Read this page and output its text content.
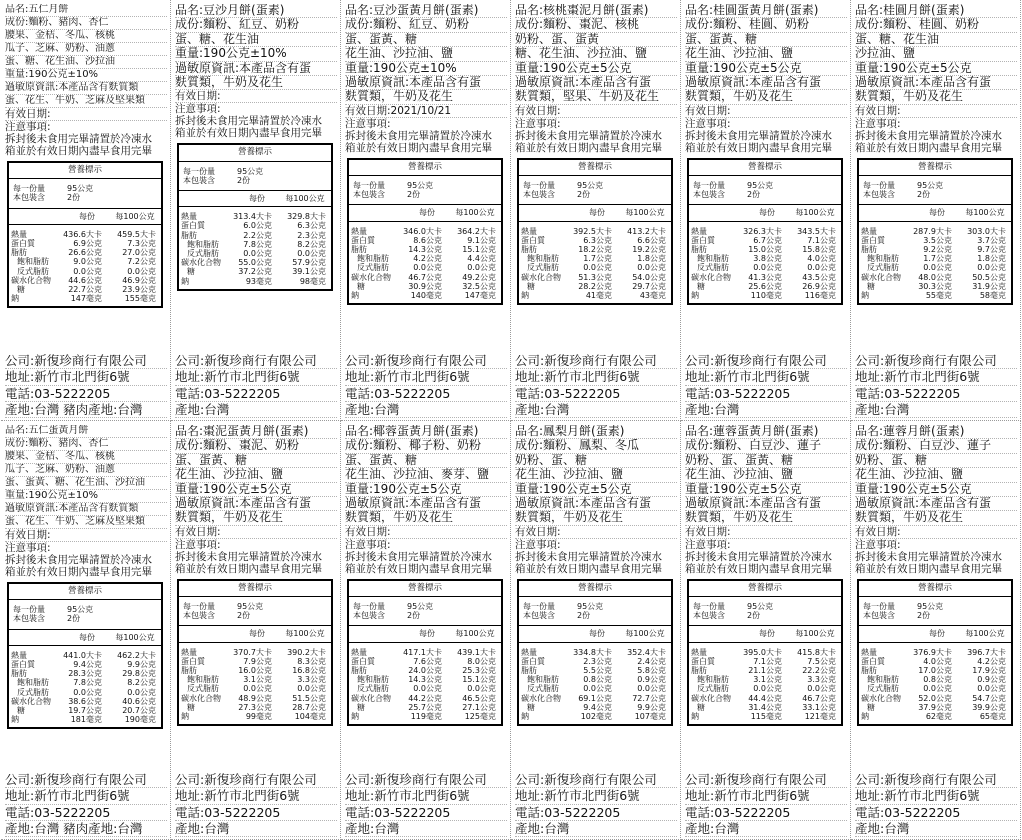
品名:五仁月餅
成份:麵粉、豬肉、杏仁
腰果、金桔、冬瓜、核桃
瓜子、芝麻、奶粉、油蔥
蛋、糖、花生油、沙拉油
重量:190公克±10%
過敏原資訊:本產品含有麩質類
蛋、花生、牛奶、芝麻及堅果類
有效日期:
注意事項:
拆封後未食用完畢請置於冷凍水
箱並於有效日期內盡早食用完畢
營養標示
每一份量
本包裝含
95公克
2份
每份	每100公克
熱量	436.6大卡	459.5大卡
蛋白質	6.9公克	7.3公克
脂肪	26.6公克	27.0公克
飽和脂肪	9.0公克	7.2公克
反式脂肪	0.0公克	0.0公克
碳水化合物	44.6公克	46.9公克
糖	22.7公克	23.9公克
鈉	147毫克	155毫克
公司:新復珍商行有限公司
地址:新竹市北門街6號
電話:03-5222205
產地:台灣 豬肉產地:台灣
品名:豆沙月餅(蛋素)
成份:麵粉、紅豆、奶粉
蛋、糖、花生油
重量:190公克±10%
過敏原資訊:本產品含有蛋
麩質類，牛奶及花生
有效日期:
注意事項:
拆封後未食用完畢請置於冷凍水
箱並於有效日期內盡早食用完畢
營養標示
每一份量
本包裝含
95公克
2份
每份	每100公克
熱量	313.4大卡	329.8大卡
蛋白質	6.0公克	6.3公克
脂肪	2.2公克	2.3公克
飽和脂肪	7.8公克	8.2公克
反式脂肪	0.0公克	0.0公克
碳水化合物	55.0公克	57.9公克
糖	37.2公克	39.1公克
鈉	93毫克	98毫克
公司:新復珍商行有限公司
地址:新竹市北門街6號
電話:03-5222205
產地:台灣
品名:豆沙蛋黃月餅(蛋素)
成份:麵粉、紅豆、奶粉
蛋、蛋黃、糖
花生油、沙拉油、鹽
重量:190公克±10%
過敏原資訊:本產品含有蛋
麩質類，牛奶及花生
有效日期:2021/10/21
注意事項:
拆封後未食用完畢請置於冷凍水
箱並於有效日期內盡早食用完畢
營養標示
每一份量
本包裝含
95公克
2份
每份	每100公克
熱量	346.0大卡	364.2大卡
蛋白質	8.6公克	9.1公克
脂肪	14.3公克	15.1公克
飽和脂肪	4.2公克	4.4公克
反式脂肪	0.0公克	0.0公克
碳水化合物	46.7公克	49.2公克
糖	30.9公克	32.5公克
鈉	140毫克	147毫克
公司:新復珍商行有限公司
地址:新竹市北門街6號
電話:03-5222205
產地:台灣
品名:核桃棗泥月餅(蛋素)
成份:麵粉、棗泥、核桃
奶粉、蛋、蛋黃
糖、花生油、沙拉油、鹽
重量:190公克±5公克
過敏原資訊:本產品含有蛋
麩質類，堅果、牛奶及花生
有效日期:
注意事項:
拆封後未食用完畢請置於冷凍水
箱並於有效日期內盡早食用完畢
營養標示
每一份量
本包裝含
95公克
2份
每份	每100公克
熱量	392.5大卡	413.2大卡
蛋白質	6.3公克	6.6公克
脂肪	18.2公克	19.2公克
飽和脂肪	1.7公克	1.8公克
反式脂肪	0.0公克	0.0公克
碳水化合物	51.3公克	54.0公克
糖	28.2公克	29.7公克
鈉	41毫克	43毫克
公司:新復珍商行有限公司
地址:新竹市北門街6號
電話:03-5222205
產地:台灣
品名:桂圓蛋黃月餅(蛋素)
成份:麵粉、桂圓、奶粉
蛋、蛋黃、糖
花生油、沙拉油、鹽
重量:190公克±5公克
過敏原資訊:本產品含有蛋
麩質類，牛奶及花生
有效日期:
注意事項:
拆封後未食用完畢請置於冷凍水
箱並於有效日期內盡早食用完畢
營養標示
每一份量
本包裝含
95公克
2份
每份	每100公克
熱量	326.3大卡	343.5大卡
蛋白質	6.7公克	7.1公克
脂肪	15.0公克	15.8公克
飽和脂肪	3.8公克	4.0公克
反式脂肪	0.0公克	0.0公克
碳水化合物	41.3公克	43.5公克
糖	25.6公克	26.9公克
鈉	110毫克	116毫克
公司:新復珍商行有限公司
地址:新竹市北門街6號
電話:03-5222205
產地:台灣
品名:桂圓月餅(蛋素)
成份:麵粉、桂圓、奶粉
蛋、糖、花生油
沙拉油、鹽
重量:190公克±5公克
過敏原資訊:本產品含有蛋
麩質類，牛奶及花生
有效日期:
注意事項:
拆封後未食用完畢請置於冷凍水
箱並於有效日期內盡早食用完畢
營養標示
每一份量
本包裝含
95公克
2份
每份	每100公克
熱量	287.9大卡	303.0大卡
蛋白質	3.5公克	3.7公克
脂肪	9.2公克	9.7公克
飽和脂肪	1.7公克	1.8公克
反式脂肪	0.0公克	0.0公克
碳水化合物	48.0公克	50.5公克
糖	30.3公克	31.9公克
鈉	55毫克	58毫克
公司:新復珍商行有限公司
地址:新竹市北門街6號
電話:03-5222205
產地:台灣
品名:五仁蛋黃月餅
成份:麵粉、豬肉、杏仁
腰果、金桔、冬瓜、核桃
瓜子、芝麻、奶粉、油蔥
蛋、蛋黃、糖、花生油、沙拉油
重量:190公克±10%
過敏原資訊:本產品含有麩質類
蛋、花生、牛奶、芝麻及堅果類
有效日期:
注意事項:
拆封後未食用完畢請置於冷凍水
箱並於有效日期內盡早食用完畢
營養標示
每一份量
本包裝含
95公克
2份
每份	每100公克
熱量	441.0大卡	462.2大卡
蛋白質	9.4公克	9.9公克
脂肪	28.3公克	29.8公克
飽和脂肪	7.8公克	8.2公克
反式脂肪	0.0公克	0.0公克
碳水化合物	38.6公克	40.6公克
糖	19.7公克	20.7公克
鈉	181毫克	190毫克
公司:新復珍商行有限公司
地址:新竹市北門街6號
電話:03-5222205
產地:台灣 豬肉產地:台灣
品名:棗泥蛋黃月餅(蛋素)
成份:麵粉、棗泥、奶粉
蛋、蛋黃、糖
花生油、沙拉油、鹽
重量:190公克±5公克
過敏原資訊:本產品含有蛋
麩質類，牛奶及花生
有效日期:
注意事項:
拆封後未食用完畢請置於冷凍水
箱並於有效日期內盡早食用完畢
營養標示
每一份量
本包裝含
95公克
2份
每份	每100公克
熱量	370.7大卡	390.2大卡
蛋白質	7.9公克	8.3公克
脂肪	16.0公克	16.8公克
飽和脂肪	3.1公克	3.3公克
反式脂肪	0.0公克	0.0公克
碳水化合物	48.9公克	51.5公克
糖	27.3公克	28.7公克
鈉	99毫克	104毫克
公司:新復珍商行有限公司
地址:新竹市北門街6號
電話:03-5222205
產地:台灣
品名:椰蓉蛋黃月餅(蛋素)
成份:麵粉、椰子粉、奶粉
蛋、蛋黃、糖
花生油、沙拉油、麥芽、鹽
重量:190公克±5公克
過敏原資訊:本產品含有蛋
麩質類，牛奶及花生
有效日期:
注意事項:
拆封後未食用完畢請置於冷凍水
箱並於有效日期內盡早食用完畢
營養標示
每一份量
本包裝含
95公克
2份
每份	每100公克
熱量	417.1大卡	439.1大卡
蛋白質	7.6公克	8.0公克
脂肪	24.0公克	25.3公克
飽和脂肪	14.3公克	15.1公克
反式脂肪	0.0公克	0.0公克
碳水化合物	44.2公克	46.5公克
糖	25.7公克	27.1公克
鈉	119毫克	125毫克
公司:新復珍商行有限公司
地址:新竹市北門街6號
電話:03-5222205
產地:台灣
品名:鳳梨月餅(蛋素)
成份:麵粉、鳳梨、冬瓜
奶粉、蛋、糖
花生油、沙拉油、鹽
重量:190公克±5公克
過敏原資訊:本產品含有蛋
麩質類，牛奶及花生
有效日期:
注意事項:
拆封後未食用完畢請置於冷凍水
箱並於有效日期內盡早食用完畢
營養標示
每一份量
本包裝含
95公克
2份
每份	每100公克
熱量	334.8大卡	352.4大卡
蛋白質	2.3公克	2.4公克
脂肪	5.5公克	5.8公克
飽和脂肪	0.8公克	0.9公克
反式脂肪	0.0公克	0.0公克
碳水化合物	69.1公克	72.7公克
糖	9.4公克	9.9公克
鈉	102毫克	107毫克
公司:新復珍商行有限公司
地址:新竹市北門街6號
電話:03-5222205
產地:台灣
品名:蓮蓉蛋黃月餅(蛋素)
成份:麵粉、白豆沙、蓮子
奶粉、蛋、蛋黃、糖
花生油、沙拉油、鹽
重量:190公克±5公克
過敏原資訊:本產品含有蛋
麩質類，牛奶及花生
有效日期:
注意事項:
拆封後未食用完畢請置於冷凍水
箱並於有效日期內盡早食用完畢
營養標示
每一份量
本包裝含
95公克
2份
每份	每100公克
熱量	395.0大卡	415.8大卡
蛋白質	7.1公克	7.5公克
脂肪	21.1公克	22.2公克
飽和脂肪	3.1公克	3.3公克
反式脂肪	0.0公克	0.0公克
碳水化合物	44.4公克	46.7公克
糖	31.4公克	33.1公克
鈉	115毫克	121毫克
公司:新復珍商行有限公司
地址:新竹市北門街6號
電話:03-5222205
產地:台灣
品名:蓮蓉月餅(蛋素)
成份:麵粉、白豆沙、蓮子
奶粉、蛋、糖
花生油、沙拉油、鹽
重量:190公克±5公克
過敏原資訊:本產品含有蛋
麩質類，牛奶及花生
有效日期:
注意事項:
拆封後未食用完畢請置於冷凍水
箱並於有效日期內盡早食用完畢
營養標示
每一份量
本包裝含
95公克
2份
每份	每100公克
熱量	376.9大卡	396.7大卡
蛋白質	4.0公克	4.2公克
脂肪	17.0公克	17.9公克
飽和脂肪	0.8公克	0.9公克
反式脂肪	0.0公克	0.0公克
碳水化合物	52.0公克	54.7公克
糖	37.9公克	39.9公克
鈉	62毫克	65毫克
公司:新復珍商行有限公司
地址:新竹市北門街6號
電話:03-5222205
產地:台灣
